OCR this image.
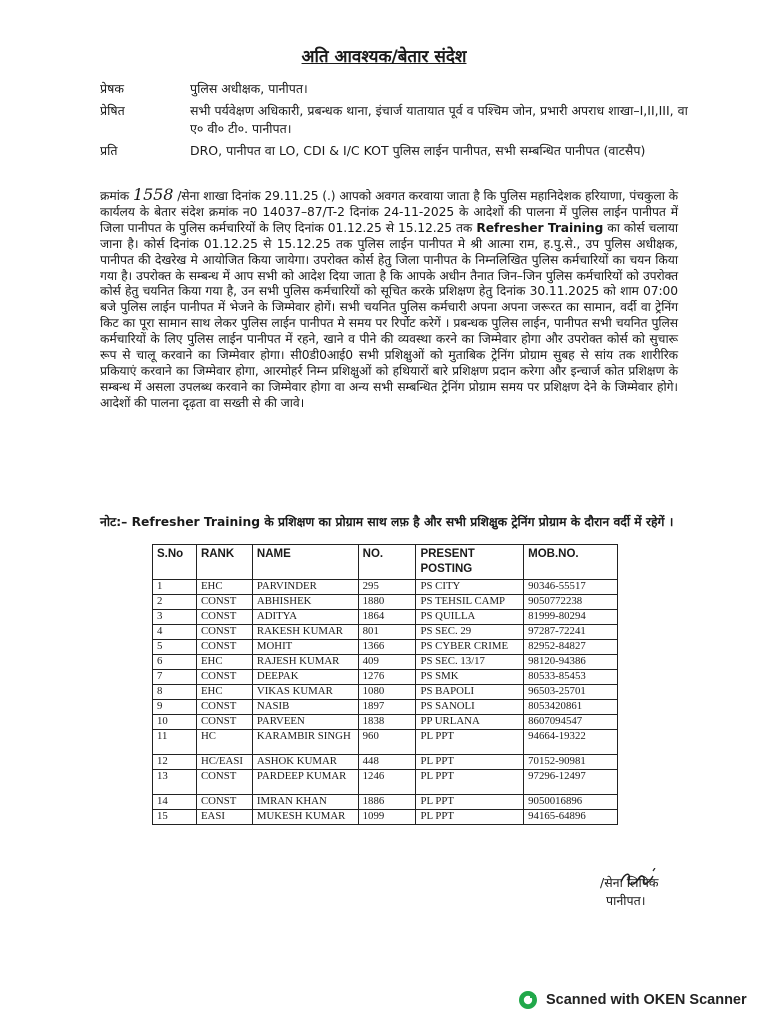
अति आवश्यक/बेतार संदेश
प्रेषक	पुलिस अधीक्षक, पानीपत।
प्रेषित	सभी पर्यवेक्षण अधिकारी, प्रबन्धक थाना, इंचार्ज यातायात पूर्व व पश्चिम जोन, प्रभारी अपराध शाखा–I,II,III, वा ए० वी० टी०. पानीपत।
प्रति	DRO, पानीपत वा LO, CDI & I/C KOT पुलिस लाईन पानीपत, सभी सम्बन्धित पानीपत (वाटसैप)
क्रमांक 1558 /सेना शाखा दिनांक 29.11.25 (.) आपको अवगत करवाया जाता है कि पुलिस महानिदेशक हरियाणा, पंचकुला के कार्यलय के बेतार संदेश क्रमांक न0 14037–87/T-2 दिनांक 24-11-2025 के आदेशों की पालना में पुलिस लाईन पानीपत में जिला पानीपत के पुलिस कर्मचारियों के लिए दिनांक 01.12.25 से 15.12.25 तक Refresher Training का कोर्स चलाया जाना है। कोर्स दिनांक 01.12.25 से 15.12.25 तक पुलिस लाईन पानीपत मे श्री आत्मा राम, ह.पु.से., उप पुलिस अधीक्षक, पानीपत की देखरेख मे आयोजित किया जायेगा। उपरोक्त कोर्स हेतु जिला पानीपत के निम्नलिखित पुलिस कर्मचारियों का चयन किया गया है। उपरोक्त के सम्बन्ध में आप सभी को आदेश दिया जाता है कि आपके अधीन तैनात जिन–जिन पुलिस कर्मचारियों को उपरोक्त कोर्स हेतु चयनित किया गया है, उन सभी पुलिस कर्मचारियों को सूचित करके प्रशिक्षण हेतु दिनांक 30.11.2025 को शाम 07:00 बजे पुलिस लाईन पानीपत में भेजने के जिम्मेवार होगें। सभी चयनित पुलिस कर्मचारी अपना अपना जरूरत का सामान, वर्दी वा ट्रेनिंग किट का पूरा सामान साथ लेकर पुलिस लाईन पानीपत मे समय पर रिर्पोट करेगें । प्रबन्धक पुलिस लाईन, पानीपत सभी चयनित पुलिस कर्मचारियों के लिए पुलिस लाईन पानीपत में रहने, खाने व पीने की व्यवस्था करने का जिम्मेवार होगा और उपरोक्त कोर्स को सुचारू रूप से चालू करवाने का जिम्मेवार होगा। सी0डी0आई0 सभी प्रशिक्षुओं को मुताबिक ट्रेनिंग प्रोग्राम सुबह से सांय तक शारीरिक प्रकियाएं करवाने का जिम्मेवार होगा, आरमोहर्र निम्न प्रशिक्षुओं को हथियारों बारे प्रशिक्षण प्रदान करेगा और इन्चार्ज कोत प्रशिक्षण के सम्बन्ध में असला उपलब्ध करवाने का जिम्मेवार होगा वा अन्य सभी सम्बन्धित ट्रेनिंग प्रोग्राम समय पर प्रशिक्षण देने के जिम्मेवार होगे। आदेशों की पालना दृढ़ता वा सख्ती से की जावे।
नोट:– Refresher Training के प्रशिक्षण का प्रोग्राम साथ लफ़ है और सभी प्रशिक्षुक ट्रेनिंग प्रोग्राम के दौरान वर्दी में रहेगें ।
S.No	RANK	NAME	NO.	PRESENT POSTING	MOB.NO.
1	EHC	PARVINDER	295	PS CITY	90346-55517
2	CONST	ABHISHEK	1880	PS TEHSIL CAMP	9050772238
3	CONST	ADITYA	1864	PS QUILLA	81999-80294
4	CONST	RAKESH KUMAR	801	PS SEC. 29	97287-72241
5	CONST	MOHIT	1366	PS CYBER CRIME	82952-84827
6	EHC	RAJESH KUMAR	409	PS SEC. 13/17	98120-94386
7	CONST	DEEPAK	1276	PS SMK	80533-85453
8	EHC	VIKAS KUMAR	1080	PS BAPOLI	96503-25701
9	CONST	NASIB	1897	PS SANOLI	8053420861
10	CONST	PARVEEN	1838	PP URLANA	8607094547
11	HC	KARAMBIR SINGH	960	PL PPT	94664-19322
12	HC/EASI	ASHOK KUMAR	448	PL PPT	70152-90981
13	CONST	PARDEEP KUMAR	1246	PL PPT	97296-12497
14	CONST	IMRAN KHAN	1886	PL PPT	9050016896
15	EASI	MUKESH KUMAR	1099	PL PPT	94165-64896
/सेना लिपिक
पानीपत।
Scanned with OKEN Scanner
